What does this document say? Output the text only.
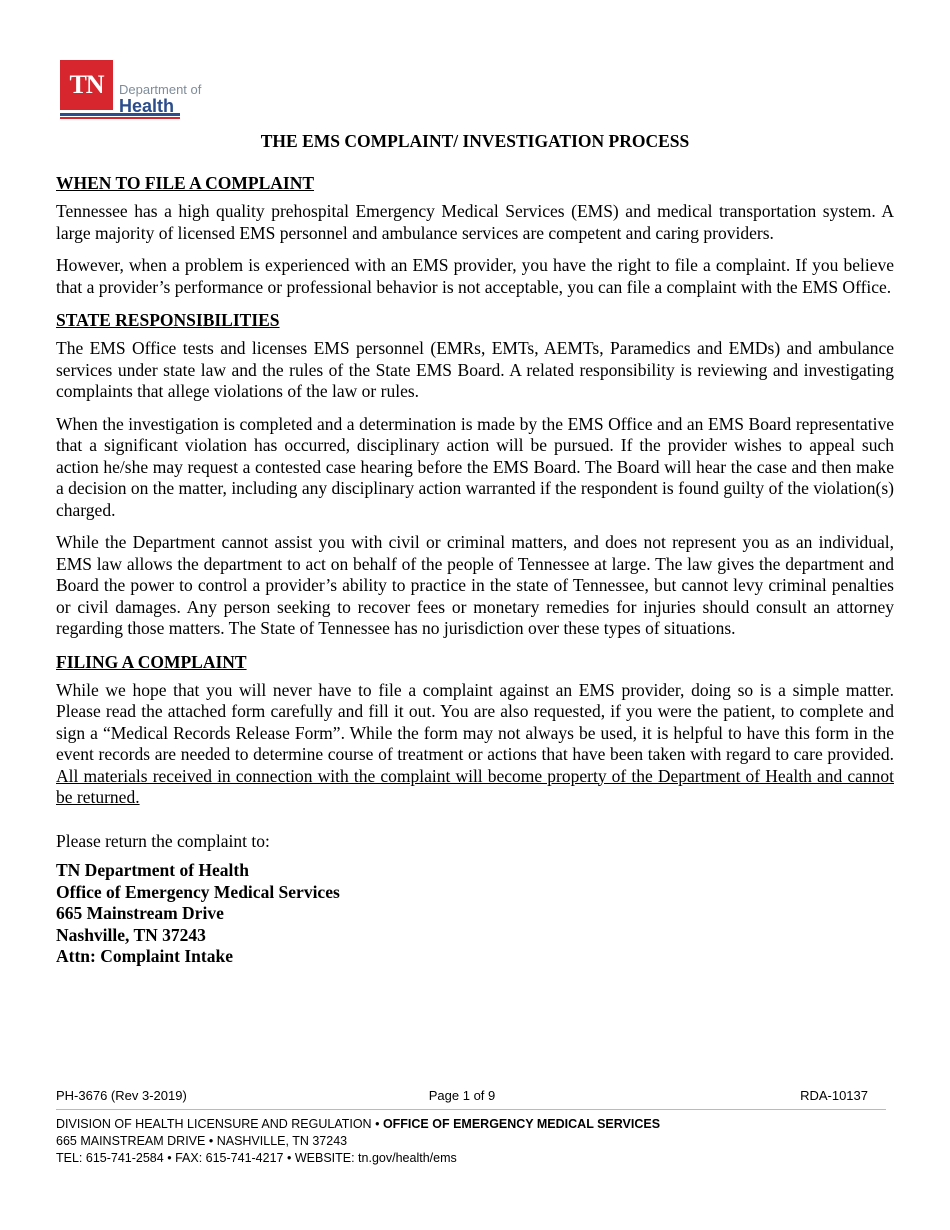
TN	Department of
Health
THE EMS COMPLAINT/ INVESTIGATION PROCESS
WHEN TO FILE A COMPLAINT

Tennessee has a high quality prehospital Emergency Medical Services (EMS) and medical transportation system. A large majority of licensed EMS personnel and ambulance services are competent and caring providers.

However, when a problem is experienced with an EMS provider, you have the right to file a complaint. If you believe that a provider’s performance or professional behavior is not acceptable, you can file a complaint with the EMS Office.

STATE RESPONSIBILITIES

The EMS Office tests and licenses EMS personnel (EMRs, EMTs, AEMTs, Paramedics and EMDs) and ambulance services under state law and the rules of the State EMS Board. A related responsibility is reviewing and investigating complaints that allege violations of the law or rules.

When the investigation is completed and a determination is made by the EMS Office and an EMS Board representative that a significant violation has occurred, disciplinary action will be pursued. If the provider wishes to appeal such action he/she may request a contested case hearing before the EMS Board. The Board will hear the case and then make a decision on the matter, including any disciplinary action warranted if the respondent is found guilty of the violation(s) charged.

While the Department cannot assist you with civil or criminal matters, and does not represent you as an individual, EMS law allows the department to act on behalf of the people of Tennessee at large. The law gives the department and Board the power to control a provider’s ability to practice in the state of Tennessee, but cannot levy criminal penalties or civil damages. Any person seeking to recover fees or monetary remedies for injuries should consult an attorney regarding those matters. The State of Tennessee has no jurisdiction over these types of situations.

FILING A COMPLAINT

While we hope that you will never have to file a complaint against an EMS provider, doing so is a simple matter. Please read the attached form carefully and fill it out. You are also requested, if you were the patient, to complete and sign a “Medical Records Release Form”. While the form may not always be used, it is helpful to have this form in the event records are needed to determine course of treatment or actions that have been taken with regard to care provided. All materials received in connection with the complaint will become property of the Department of Health and cannot be returned.

Please return the complaint to:
TN Department of Health
Office of Emergency Medical Services
665 Mainstream Drive
Nashville, TN 37243
Attn: Complaint Intake
PH-3676 (Rev 3-2019)	Page 1 of 9	RDA-10137
DIVISION OF HEALTH LICENSURE AND REGULATION • OFFICE OF EMERGENCY MEDICAL SERVICES
665 MAINSTREAM DRIVE • NASHVILLE, TN 37243
TEL: 615-741-2584 • FAX: 615-741-4217 • WEBSITE: tn.gov/health/ems
